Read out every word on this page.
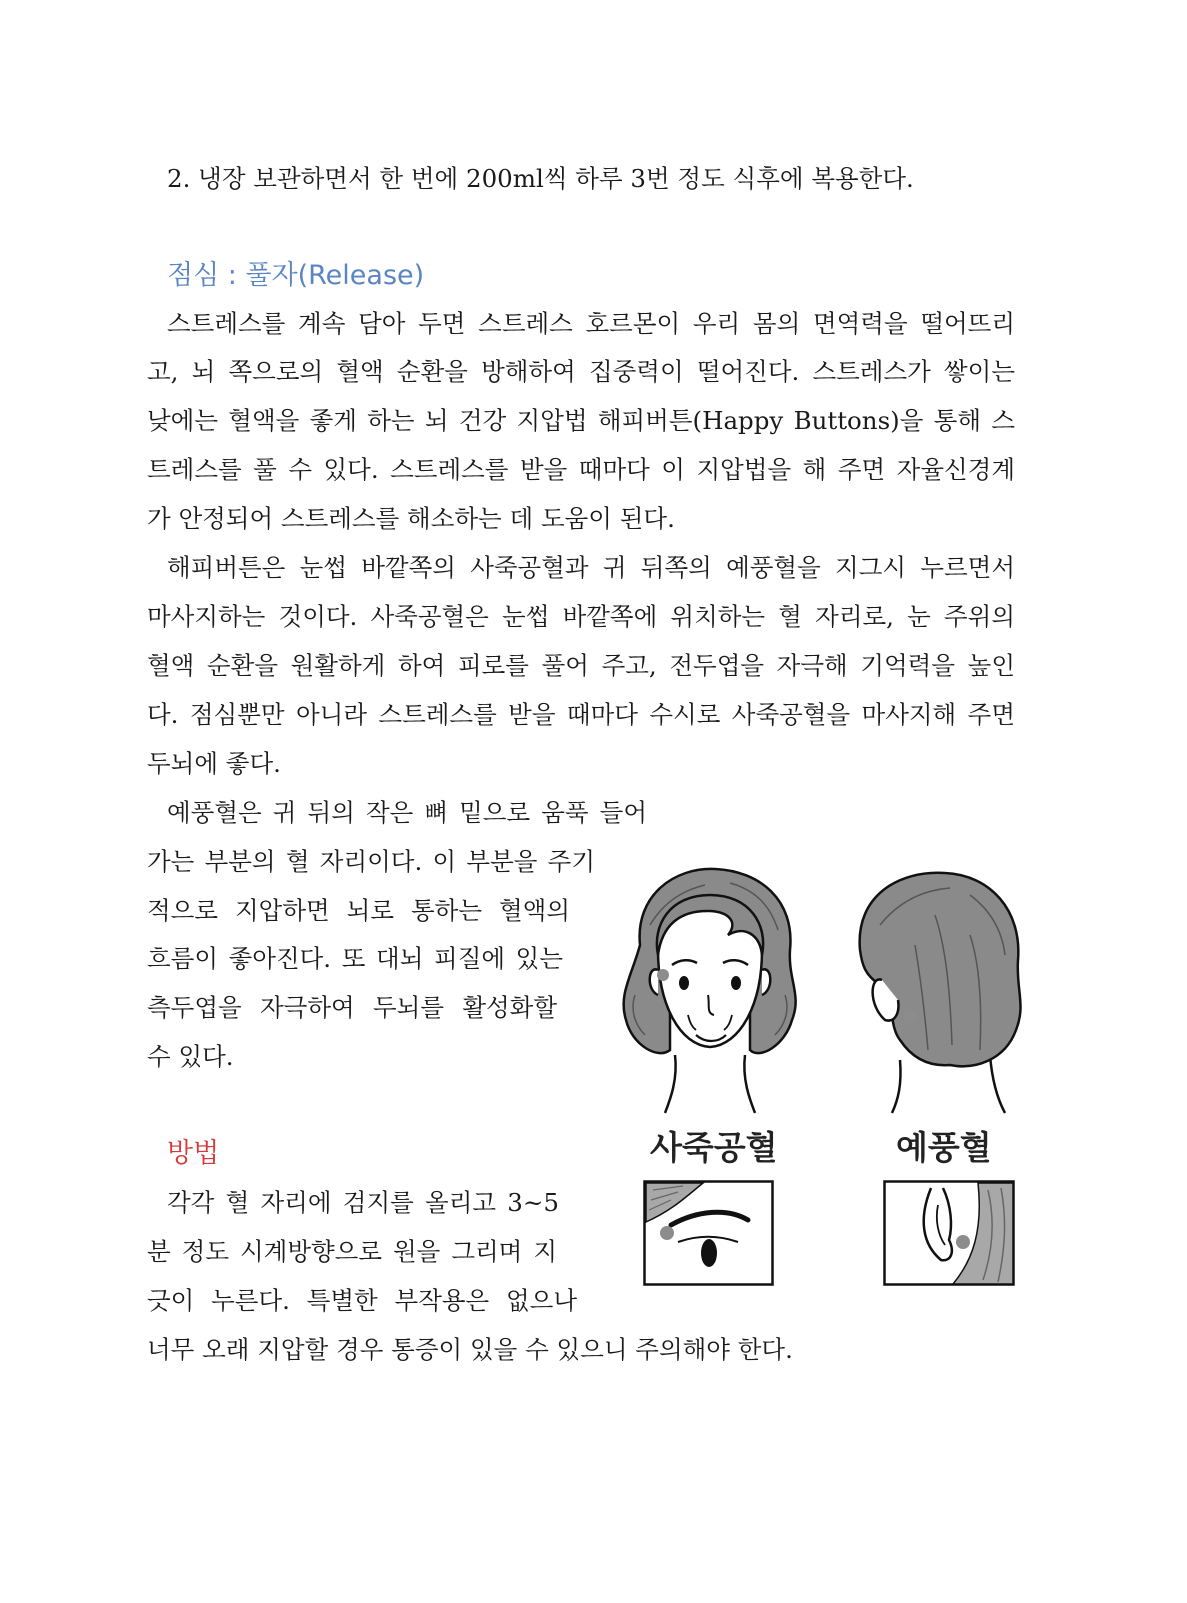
2. 냉장 보관하면서 한 번에 200ml씩 하루 3번 정도 식후에 복용한다.
점심 : 풀자(Release)
스트레스를 계속 담아 두면 스트레스 호르몬이 우리 몸의 면역력을 떨어뜨리
고, 뇌 쪽으로의 혈액 순환을 방해하여 집중력이 떨어진다. 스트레스가 쌓이는
낮에는 혈액을 좋게 하는 뇌 건강 지압법 해피버튼(Happy Buttons)을 통해 스
트레스를 풀 수 있다. 스트레스를 받을 때마다 이 지압법을 해 주면 자율신경계
가 안정되어 스트레스를 해소하는 데 도움이 된다.
해피버튼은 눈썹 바깥쪽의 사죽공혈과 귀 뒤쪽의 예풍혈을 지그시 누르면서
마사지하는 것이다. 사죽공혈은 눈썹 바깥쪽에 위치하는 혈 자리로, 눈 주위의
혈액 순환을 원활하게 하여 피로를 풀어 주고, 전두엽을 자극해 기억력을 높인
다. 점심뿐만 아니라 스트레스를 받을 때마다 수시로 사죽공혈을 마사지해 주면
두뇌에 좋다.
예풍혈은 귀 뒤의 작은 뼈 밑으로 움푹 들어
가는 부분의 혈 자리이다. 이 부분을 주기
적으로 지압하면 뇌로 통하는 혈액의
흐름이 좋아진다. 또 대뇌 피질에 있는
측두엽을 자극하여 두뇌를 활성화할
수 있다.
방법
각각 혈 자리에 검지를 올리고 3~5
분 정도 시계방향으로 원을 그리며 지
긋이 누른다. 특별한 부작용은 없으나
너무 오래 지압할 경우 통증이 있을 수 있으니 주의해야 한다.
사죽공혈	예풍혈
